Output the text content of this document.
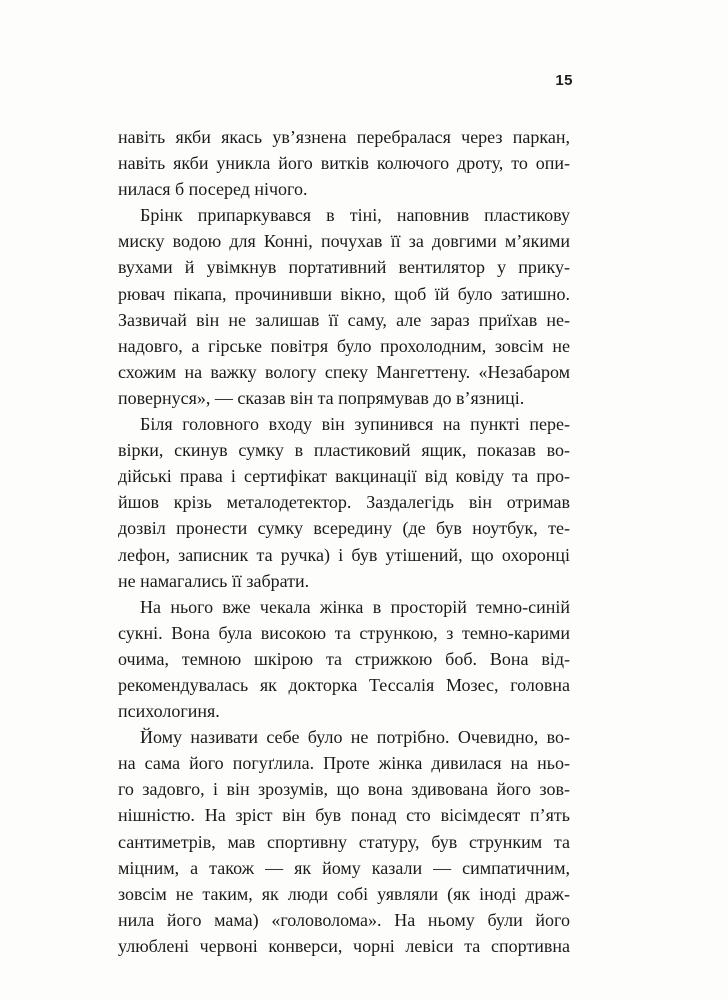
15

навіть якби якась ув’язнена перебралася через паркан,
навіть якби уникла його витків колючого дроту, то опи-
нилася б посеред нічого.

Брінк припаркувався в тіні, наповнив пластикову
миску водою для Конні, почухав її за довгими м’якими
вухами й увімкнув портативний вентилятор у прику-
рювач пікапа, прочинивши вікно, щоб їй було затишно.
Зазвичай він не залишав її саму, але зараз приїхав не-
надовго, а гірське повітря було прохолодним, зовсім не
схожим на важку вологу спеку Мангеттену. «Незабаром
повернуся», — сказав він та попрямував до в’язниці.

Біля головного входу він зупинився на пункті пере-
вірки, скинув сумку в пластиковий ящик, показав во-
дійські права і сертифікат вакцинації від ковіду та про-
йшов крізь металодетектор. Заздалегідь він отримав
дозвіл пронести сумку всередину (де був ноутбук, те-
лефон, записник та ручка) і був утішений, що охоронці
не намагались її забрати.

На нього вже чекала жінка в просторій темно-синій
сукні. Вона була високою та стрункою, з темно-карими
очима, темною шкірою та стрижкою боб. Вона від-
рекомендувалась як докторка Тессалія Мозес, головна
психологиня.

Йому називати себе було не потрібно. Очевидно, во-
на сама його погуґлила. Проте жінка дивилася на ньо-
го задовго, і він зрозумів, що вона здивована його зов-
нішністю. На зріст він був понад сто вісімдесят п’ять
сантиметрів, мав спортивну статуру, був струнким та
міцним, а також — як йому казали — симпатичним,
зовсім не таким, як люди собі уявляли (як іноді драж-
нила його мама) «головолома». На ньому були його
улюблені червоні конверси, чорні левіси та спортивна
